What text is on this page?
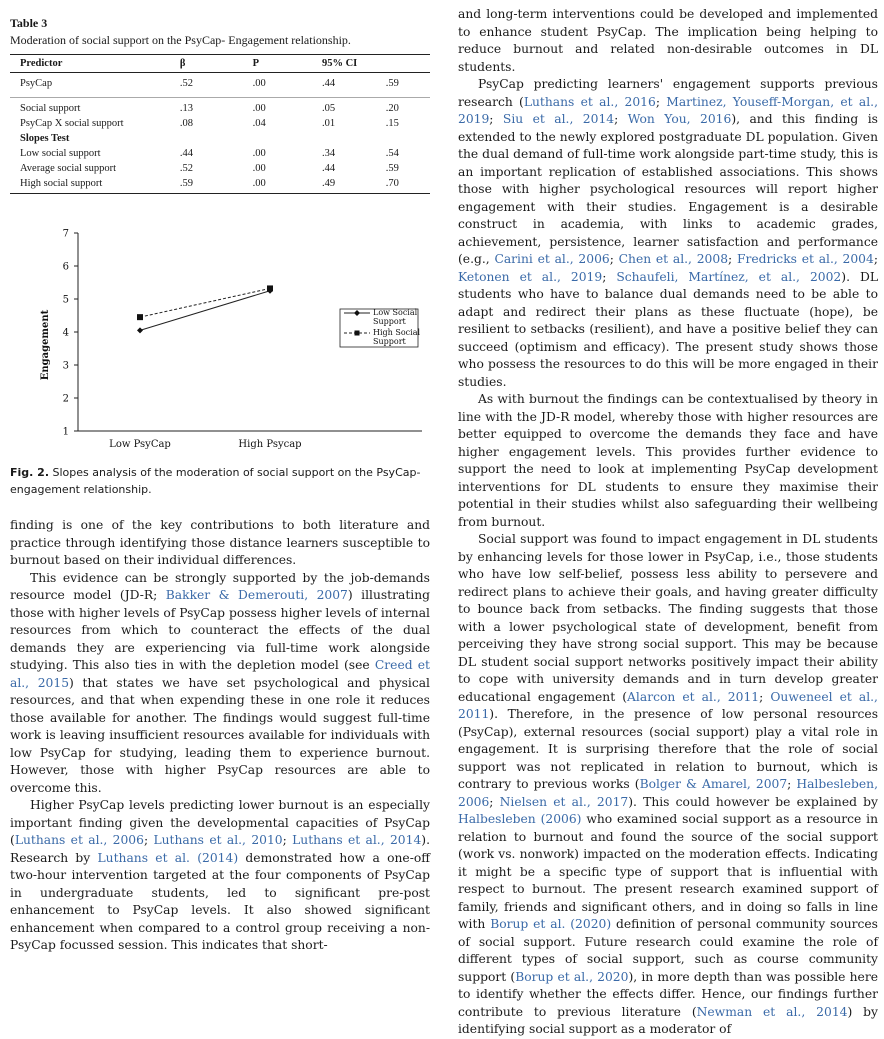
Table 3
Moderation of social support on the PsyCap- Engagement relationship.
Predictor	β	P	95% CI	
PsyCap	.52	.00	.44	.59
Social support	.13	.00	.05	.20
PsyCap X social support	.08	.04	.01	.15
Slopes Test				
Low social support	.44	.00	.34	.54
Average social support	.52	.00	.44	.59
High social support	.59	.00	.49	.70
Engagement
1
2
3
4
5
6
7
Low PsyCap	High Psycap
Low Social Support
High Social Support
Fig. 2. Slopes analysis of the moderation of social support on the PsyCap-engagement relationship.

finding is one of the key contributions to both literature and practice through identifying those distance learners susceptible to burnout based on their individual differences.

This evidence can be strongly supported by the job-demands resource model (JD-R; Bakker & Demerouti, 2007) illustrating those with higher levels of PsyCap possess higher levels of internal resources from which to counteract the effects of the dual demands they are experiencing via full-time work alongside studying. This also ties in with the depletion model (see Creed et al., 2015) that states we have set psychological and physical resources, and that when expending these in one role it reduces those available for another. The findings would suggest full-time work is leaving insufficient resources available for individuals with low PsyCap for studying, leading them to experience burnout. However, those with higher PsyCap resources are able to overcome this.

Higher PsyCap levels predicting lower burnout is an especially important finding given the developmental capacities of PsyCap (Luthans et al., 2006; Luthans et al., 2010; Luthans et al., 2014). Research by Luthans et al. (2014) demonstrated how a one-off two-hour intervention targeted at the four components of PsyCap in undergraduate students, led to significant pre-post enhancement to PsyCap levels. It also showed significant enhancement when compared to a control group receiving a non-PsyCap focussed session. This indicates that short-

and long-term interventions could be developed and implemented to enhance student PsyCap. The implication being helping to reduce burnout and related non-desirable outcomes in DL students.

PsyCap predicting learners' engagement supports previous research (Luthans et al., 2016; Martinez, Youseff-Morgan, et al., 2019; Siu et al., 2014; Won You, 2016), and this finding is extended to the newly explored postgraduate DL population. Given the dual demand of full-time work alongside part-time study, this is an important replication of established associations. This shows those with higher psychological resources will report higher engagement with their studies. Engagement is a desirable construct in academia, with links to academic grades, achievement, persistence, learner satisfaction and performance (e.g., Carini et al., 2006; Chen et al., 2008; Fredricks et al., 2004; Ketonen et al., 2019; Schaufeli, Martínez, et al., 2002). DL students who have to balance dual demands need to be able to adapt and redirect their plans as these fluctuate (hope), be resilient to setbacks (resilient), and have a positive belief they can succeed (optimism and efficacy). The present study shows those who possess the resources to do this will be more engaged in their studies.

As with burnout the findings can be contextualised by theory in line with the JD-R model, whereby those with higher resources are better equipped to overcome the demands they face and have higher engagement levels. This provides further evidence to support the need to look at implementing PsyCap development interventions for DL students to ensure they maximise their potential in their studies whilst also safeguarding their wellbeing from burnout.

Social support was found to impact engagement in DL students by enhancing levels for those lower in PsyCap, i.e., those students who have low self-belief, possess less ability to persevere and redirect plans to achieve their goals, and having greater difficulty to bounce back from setbacks. The finding suggests that those with a lower psychological state of development, benefit from perceiving they have strong social support. This may be because DL student social support networks positively impact their ability to cope with university demands and in turn develop greater educational engagement (Alarcon et al., 2011; Ouweneel et al., 2011). Therefore, in the presence of low personal resources (PsyCap), external resources (social support) play a vital role in engagement. It is surprising therefore that the role of social support was not replicated in relation to burnout, which is contrary to previous works (Bolger & Amarel, 2007; Halbesleben, 2006; Nielsen et al., 2017). This could however be explained by Halbesleben (2006) who examined social support as a resource in relation to burnout and found the source of the social support (work vs. nonwork) impacted on the moderation effects. Indicating it might be a specific type of support that is influential with respect to burnout. The present research examined support of family, friends and significant others, and in doing so falls in line with Borup et al. (2020) definition of personal community sources of social support. Future research could examine the role of different types of social support, such as course community support (Borup et al., 2020), in more depth than was possible here to identify whether the effects differ. Hence, our findings further contribute to previous literature (Newman et al., 2014) by identifying social support as a moderator of
